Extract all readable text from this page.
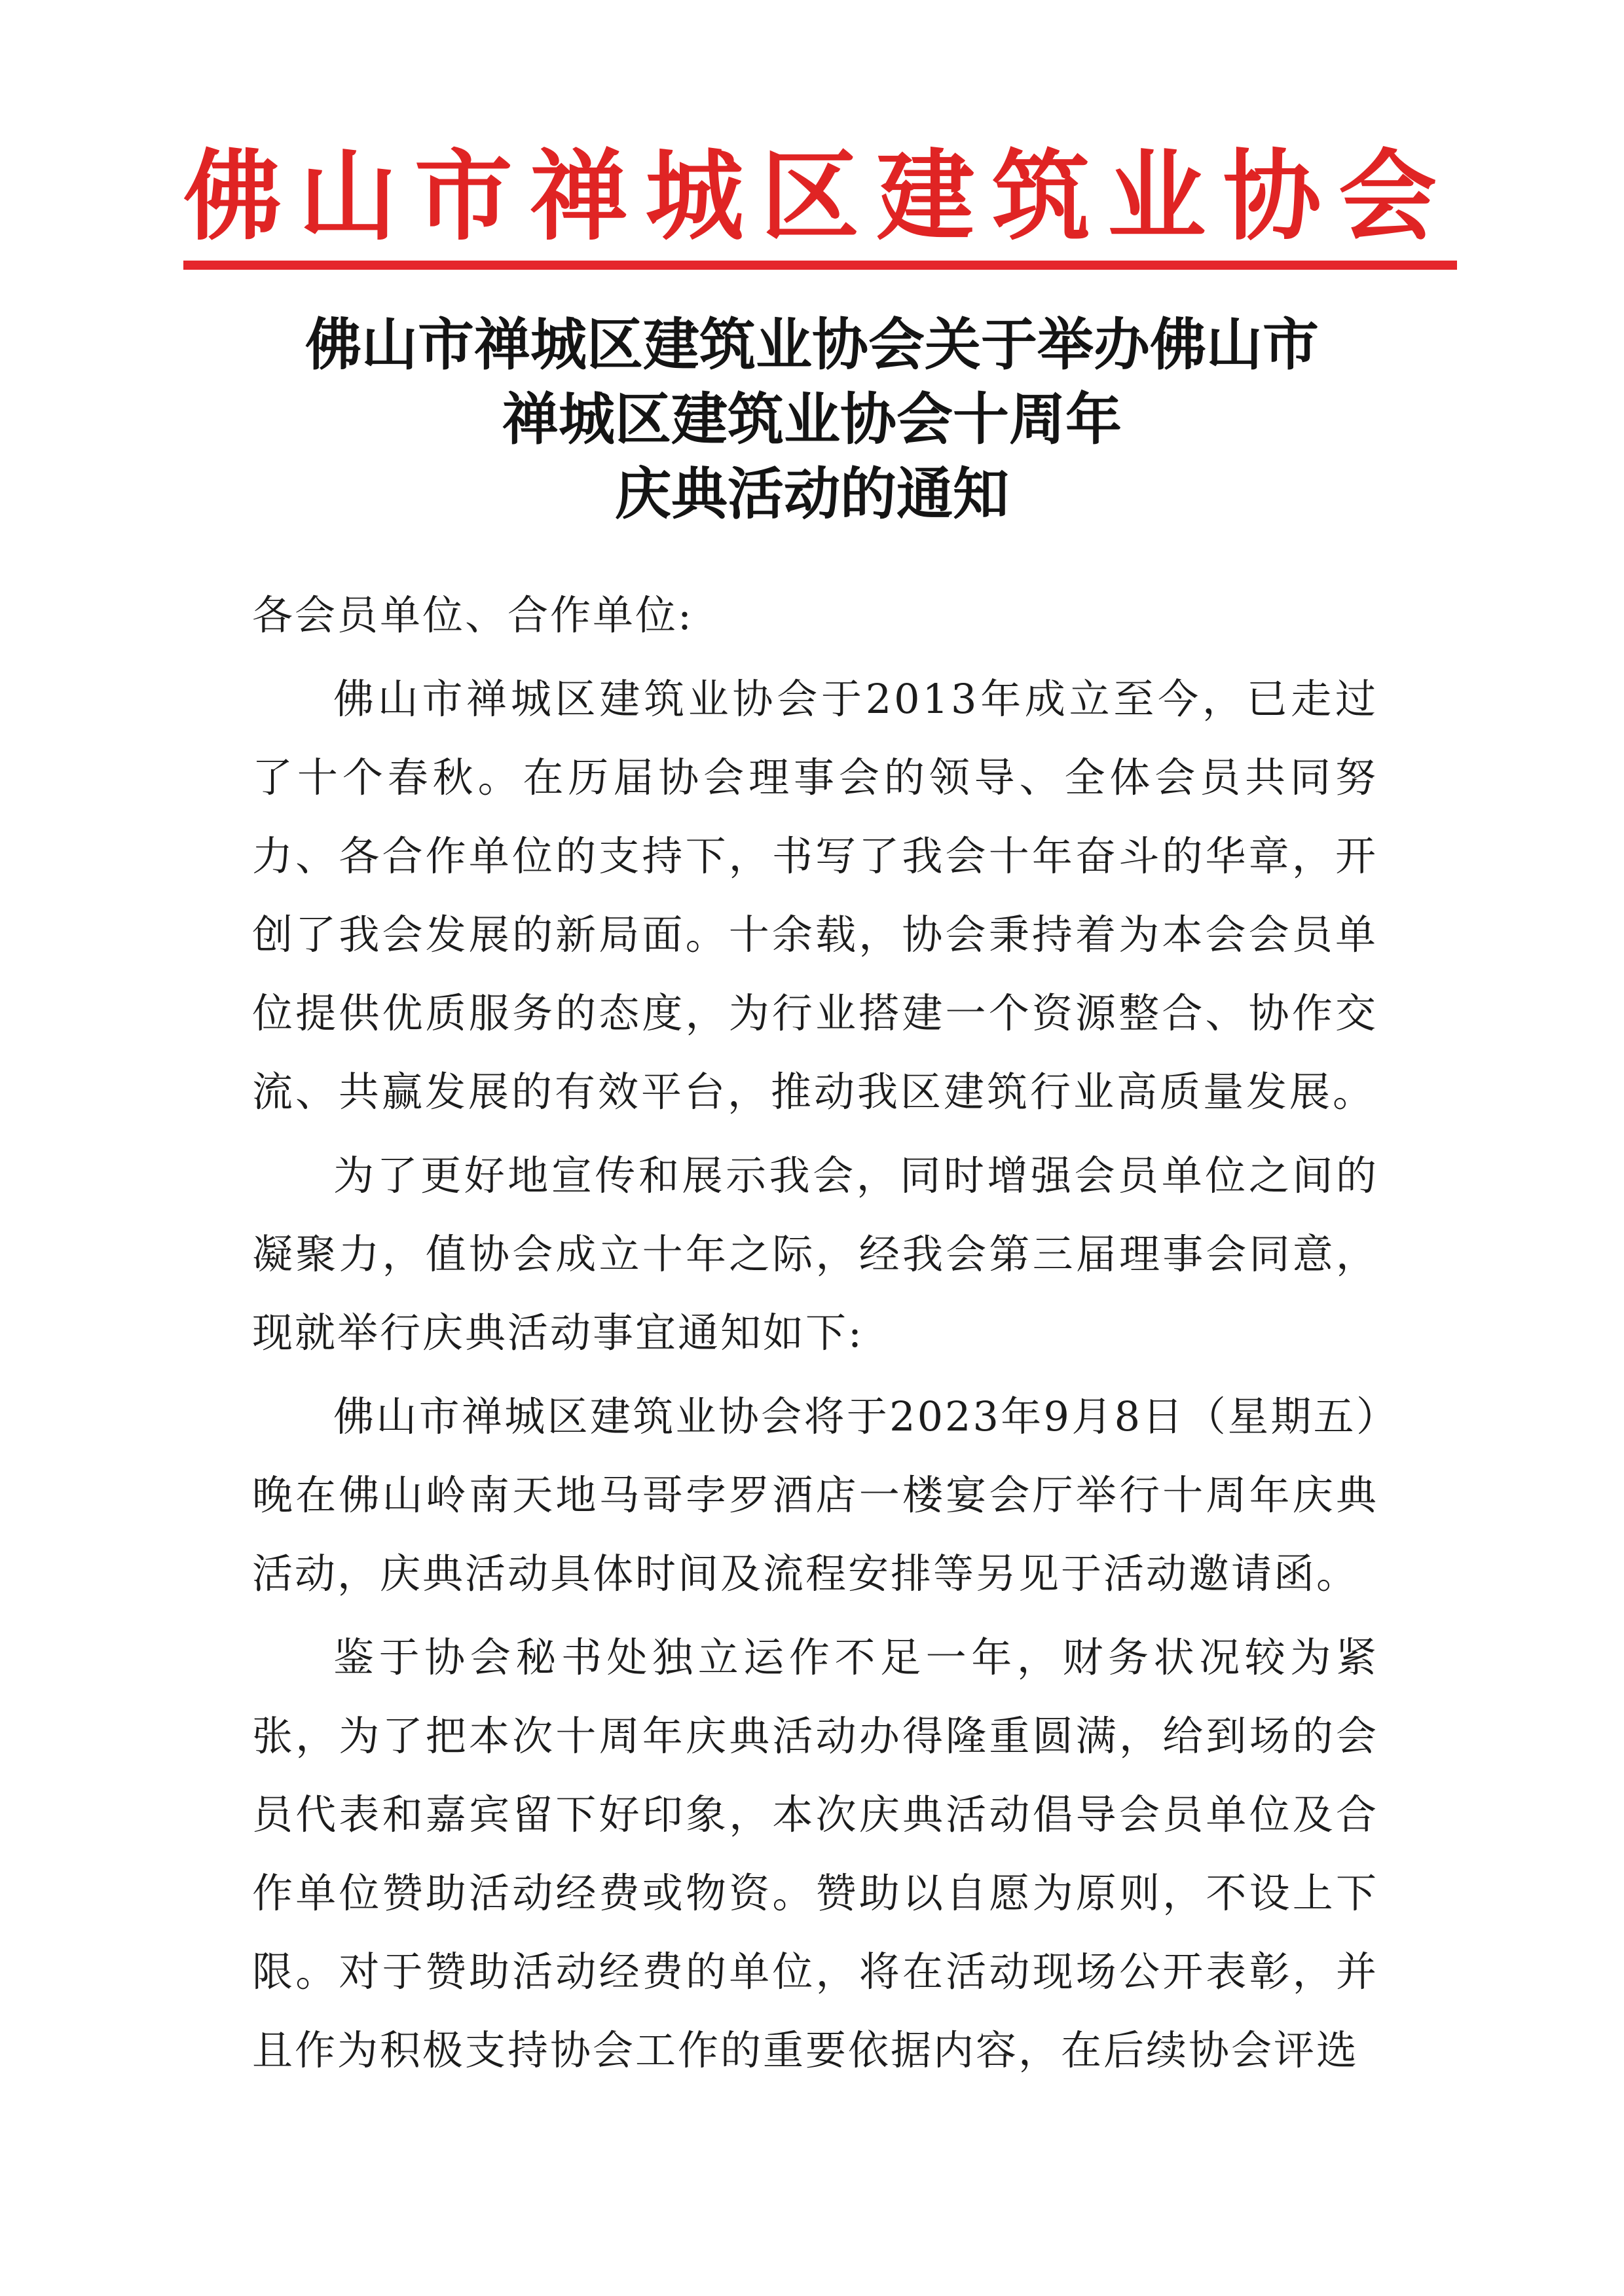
佛山市禅城区建筑业协会
佛山市禅城区建筑业协会关于举办佛山市
禅城区建筑业协会十周年
庆典活动的通知
各会员单位、合作单位:
佛山市禅城区建筑业协会于2013年成立至今，已走过了十个春秋。在历届协会理事会的领导、全体会员共同努力、各合作单位的支持下，书写了我会十年奋斗的华章，开创了我会发展的新局面。十余载，协会秉持着为本会会员单位提供优质服务的态度，为行业搭建一个资源整合、协作交流、共赢发展的有效平台，推动我区建筑行业高质量发展。
为了更好地宣传和展示我会，同时增强会员单位之间的凝聚力，值协会成立十年之际，经我会第三届理事会同意，现就举行庆典活动事宜通知如下:
佛山市禅城区建筑业协会将于2023年9月8日（星期五）晚在佛山岭南天地马哥孛罗酒店一楼宴会厅举行十周年庆典活动，庆典活动具体时间及流程安排等另见于活动邀请函。
鉴于协会秘书处独立运作不足一年，财务状况较为紧张，为了把本次十周年庆典活动办得隆重圆满，给到场的会员代表和嘉宾留下好印象，本次庆典活动倡导会员单位及合作单位赞助活动经费或物资。赞助以自愿为原则，不设上下限。对于赞助活动经费的单位，将在活动现场公开表彰，并且作为积极支持协会工作的重要依据内容，在后续协会评选
